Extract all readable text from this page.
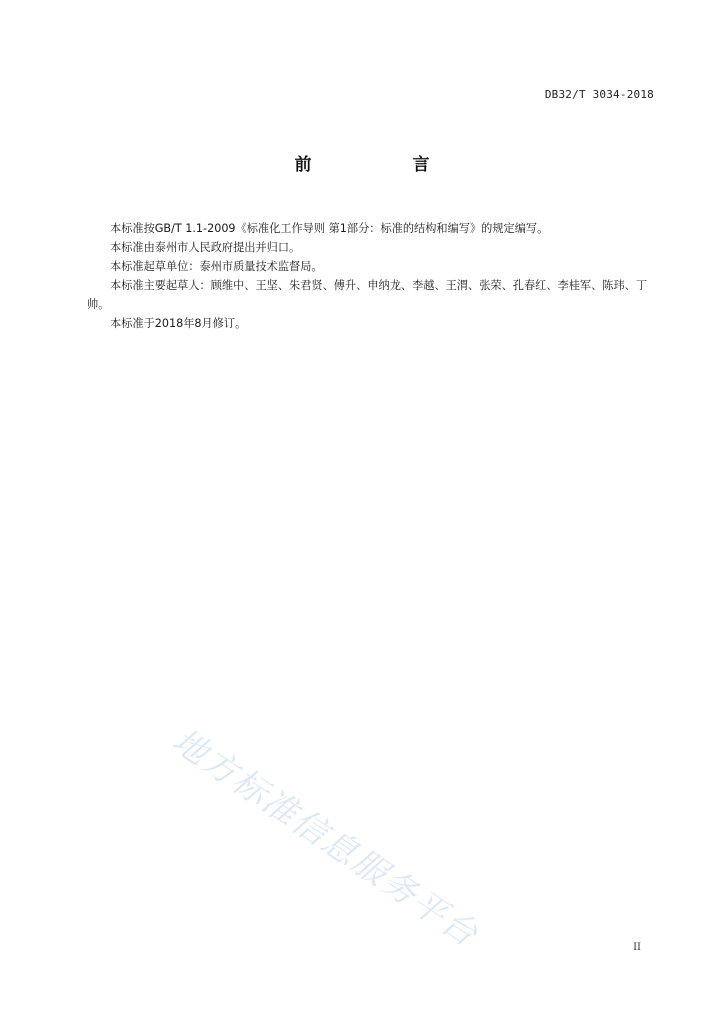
DB32/T 3034-2018
前　言

本标准按GB/T 1.1-2009《标准化工作导则 第1部分：标准的结构和编写》的规定编写。

本标准由泰州市人民政府提出并归口。

本标准起草单位：泰州市质量技术监督局。

本标准主要起草人：顾维中、王坚、朱君贤、傅升、申纳龙、李越、王渭、张荣、孔春红、李桂军、陈玮、丁帅。

本标准于2018年8月修订。

地方标准信息服务平台	II
